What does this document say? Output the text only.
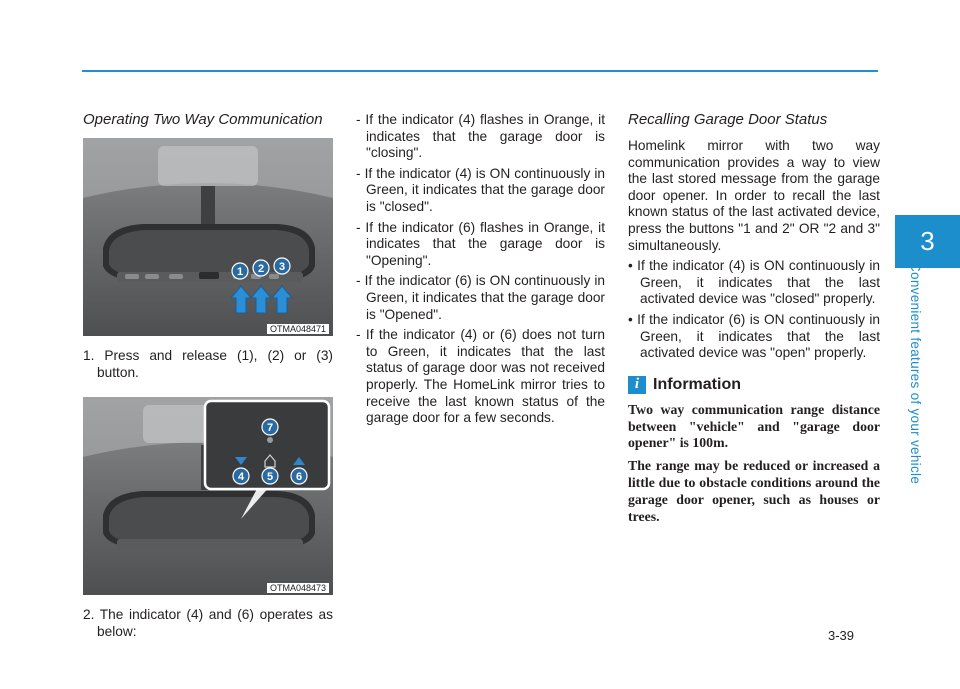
3
Convenient features of your vehicle
Operating Two Way Communication
1 2 3
OTMA048471
1. Press and release (1), (2) or (3) button.
7
4 5 6
OTMA048473
2. The indicator (4) and (6) operates as below:
- If the indicator (4) flashes in Orange, it indicates that the garage door is "closing".
- If the indicator (4) is ON continuously in Green, it indicates that the garage door is "closed".
- If the indicator (6) flashes in Orange, it indicates that the garage door is "Opening".
- If the indicator (6) is ON continuously in Green, it indicates that the garage door is "Opened".
- If the indicator (4) or (6) does not turn to Green, it indicates that the last status of garage door was not received properly. The HomeLink mirror tries to receive the last known status of the garage door for a few seconds.
Recalling Garage Door Status
Homelink mirror with two way communication provides a way to view the last stored message from the garage door opener. In order to recall the last known status of the last activated device, press the buttons "1 and 2" OR "2 and 3" simultaneously.
• If the indicator (4) is ON continuously in Green, it indicates that the last activated device was "closed" properly.
• If the indicator (6) is ON continuously in Green, it indicates that the last activated device was "open" properly.
i Information
Two way communication range distance between "vehicle" and "garage door opener" is 100m.
The range may be reduced or increased a little due to obstacle conditions around the garage door opener, such as houses or trees.
3-39
